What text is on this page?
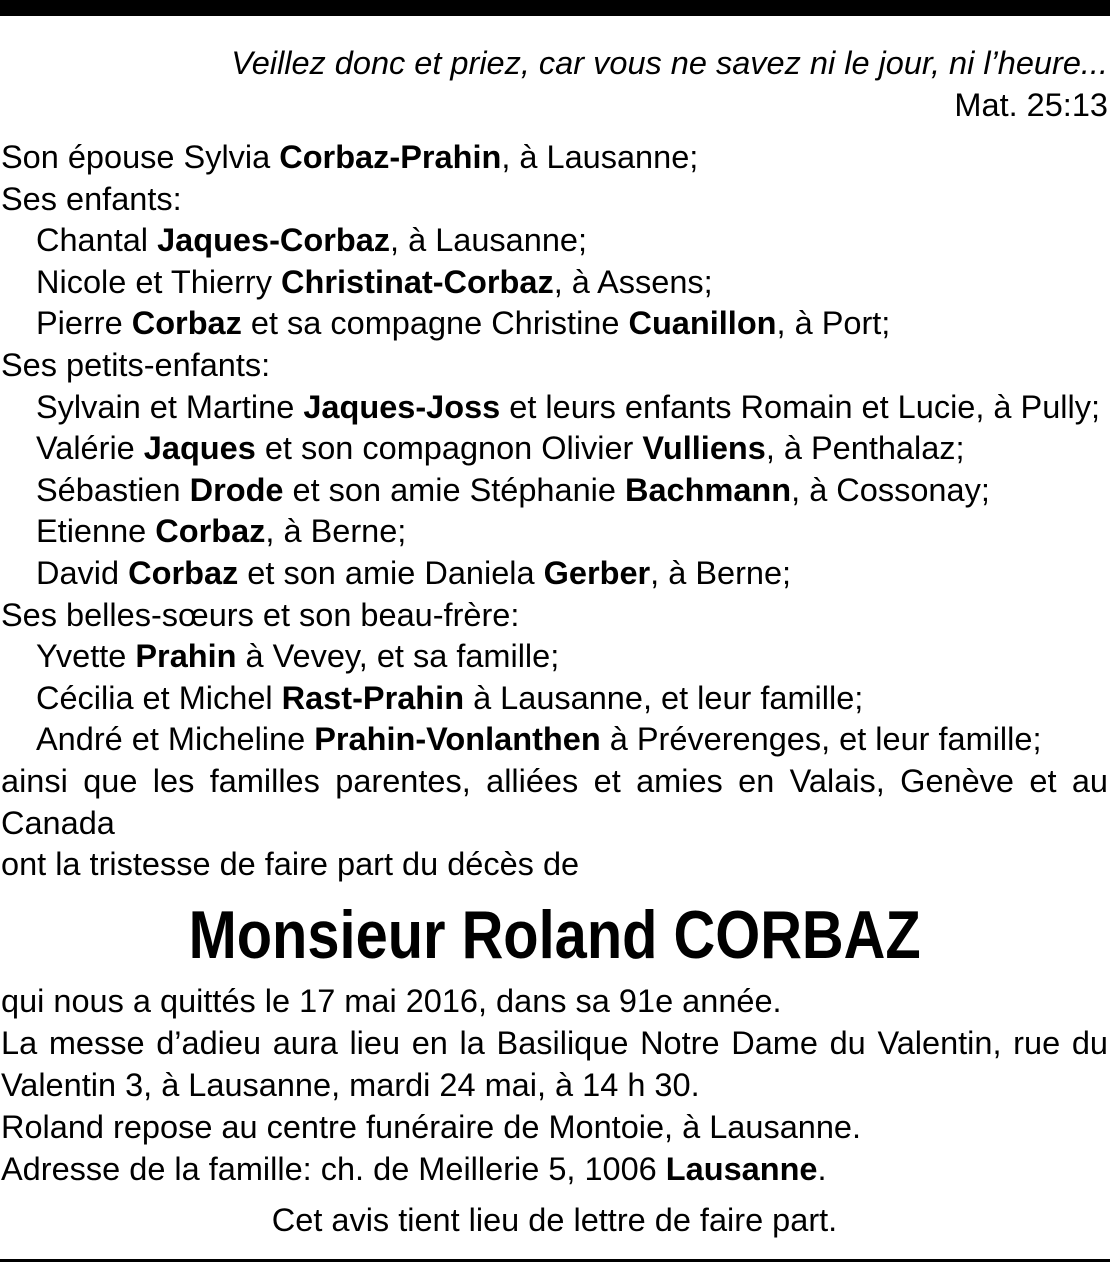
Veillez donc et priez, car vous ne savez ni le jour, ni l’heure...
Mat. 25:13
Son épouse Sylvia Corbaz-Prahin, à Lausanne;
Ses enfants:
Chantal Jaques-Corbaz, à Lausanne;
Nicole et Thierry Christinat-Corbaz, à Assens;
Pierre Corbaz et sa compagne Christine Cuanillon, à Port;
Ses petits-enfants:
Sylvain et Martine Jaques-Joss et leurs enfants Romain et Lucie, à Pully;
Valérie Jaques et son compagnon Olivier Vulliens, à Penthalaz;
Sébastien Drode et son amie Stéphanie Bachmann, à Cossonay;
Etienne Corbaz, à Berne;
David Corbaz et son amie Daniela Gerber, à Berne;
Ses belles-sœurs et son beau-frère:
Yvette Prahin à Vevey, et sa famille;
Cécilia et Michel Rast-Prahin à Lausanne, et leur famille;
André et Micheline Prahin-Vonlanthen à Préverenges, et leur famille;
ainsi que les familles parentes, alliées et amies en Valais, Genève et au Canada
ont la tristesse de faire part du décès de
Monsieur Roland CORBAZ
qui nous a quittés le 17 mai 2016, dans sa 91e année.
La messe d’adieu aura lieu en la Basilique Notre Dame du Valentin, rue du Valentin 3, à Lausanne, mardi 24 mai, à 14 h 30.
Roland repose au centre funéraire de Montoie, à Lausanne.
Adresse de la famille: ch. de Meillerie 5, 1006 Lausanne.
Cet avis tient lieu de lettre de faire part.
